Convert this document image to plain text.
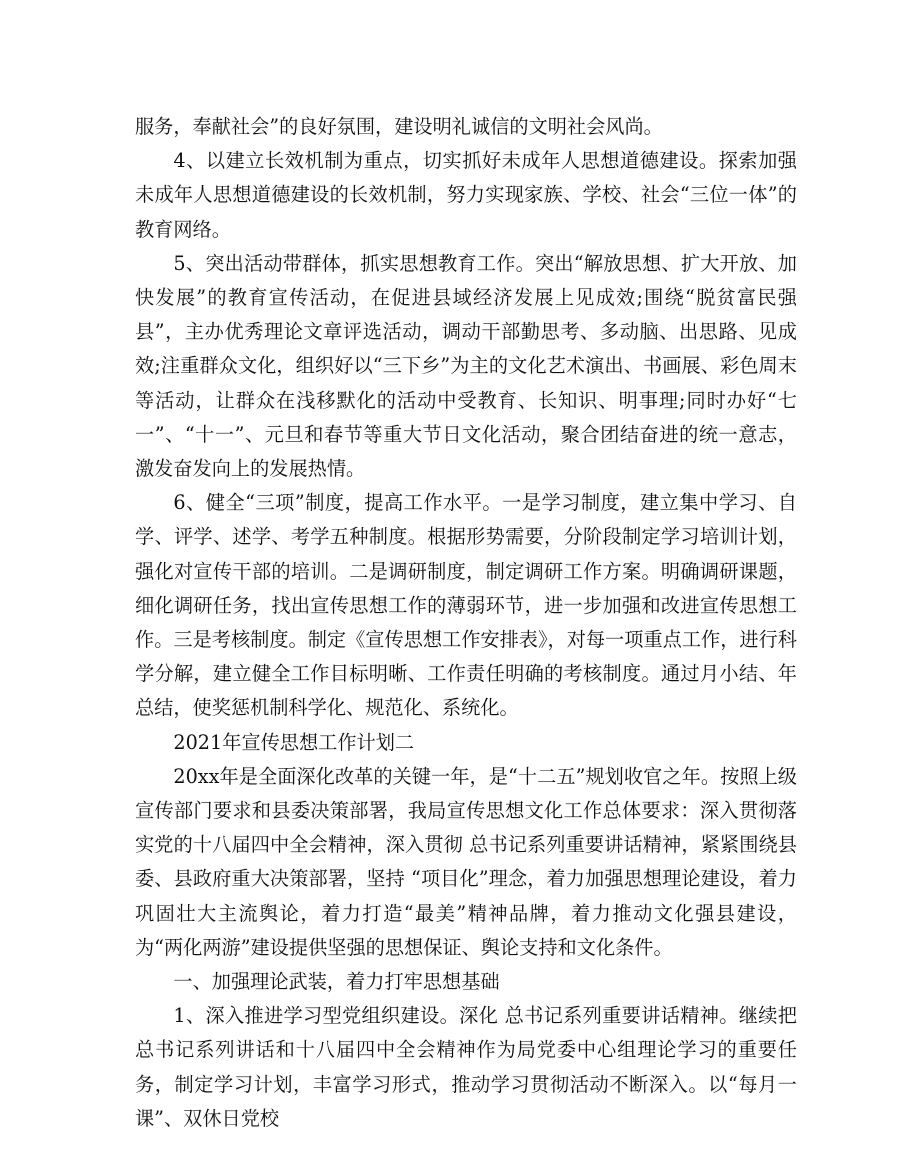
服务，奉献社会”的良好氛围，建设明礼诚信的文明社会风尚。

4、以建立长效机制为重点，切实抓好未成年人思想道德建设。探索加强未成年人思想道德建设的长效机制，努力实现家族、学校、社会“三位一体”的教育网络。

5、突出活动带群体，抓实思想教育工作。突出“解放思想、扩大开放、加快发展”的教育宣传活动，在促进县域经济发展上见成效;围绕“脱贫富民强县”，主办优秀理论文章评选活动，调动干部勤思考、多动脑、出思路、见成效;注重群众文化，组织好以“三下乡”为主的文化艺术演出、书画展、彩色周末等活动，让群众在浅移默化的活动中受教育、长知识、明事理;同时办好“七一”、“十一”、元旦和春节等重大节日文化活动，聚合团结奋进的统一意志，激发奋发向上的发展热情。

6、健全“三项”制度，提高工作水平。一是学习制度，建立集中学习、自学、评学、述学、考学五种制度。根据形势需要，分阶段制定学习培训计划，强化对宣传干部的培训。二是调研制度，制定调研工作方案。明确调研课题，细化调研任务，找出宣传思想工作的薄弱环节，进一步加强和改进宣传思想工作。三是考核制度。制定《宣传思想工作安排表》，对每一项重点工作，进行科学分解，建立健全工作目标明晰、工作责任明确的考核制度。通过月小结、年总结，使奖惩机制科学化、规范化、系统化。

2021年宣传思想工作计划二

20xx年是全面深化改革的关键一年，是“十二五”规划收官之年。按照上级宣传部门要求和县委决策部署，我局宣传思想文化工作总体要求：深入贯彻落实党的十八届四中全会精神，深入贯彻 总书记系列重要讲话精神，紧紧围绕县委、县政府重大决策部署，坚持 “项目化”理念，着力加强思想理论建设，着力巩固壮大主流舆论，着力打造“最美”精神品牌，着力推动文化强县建设，为“两化两游”建设提供坚强的思想保证、舆论支持和文化条件。

一、加强理论武装，着力打牢思想基础

1、深入推进学习型党组织建设。深化 总书记系列重要讲话精神。继续把 总书记系列讲话和十八届四中全会精神作为局党委中心组理论学习的重要任务，制定学习计划，丰富学习形式，推动学习贯彻活动不断深入。以“每月一课”、双休日党校
